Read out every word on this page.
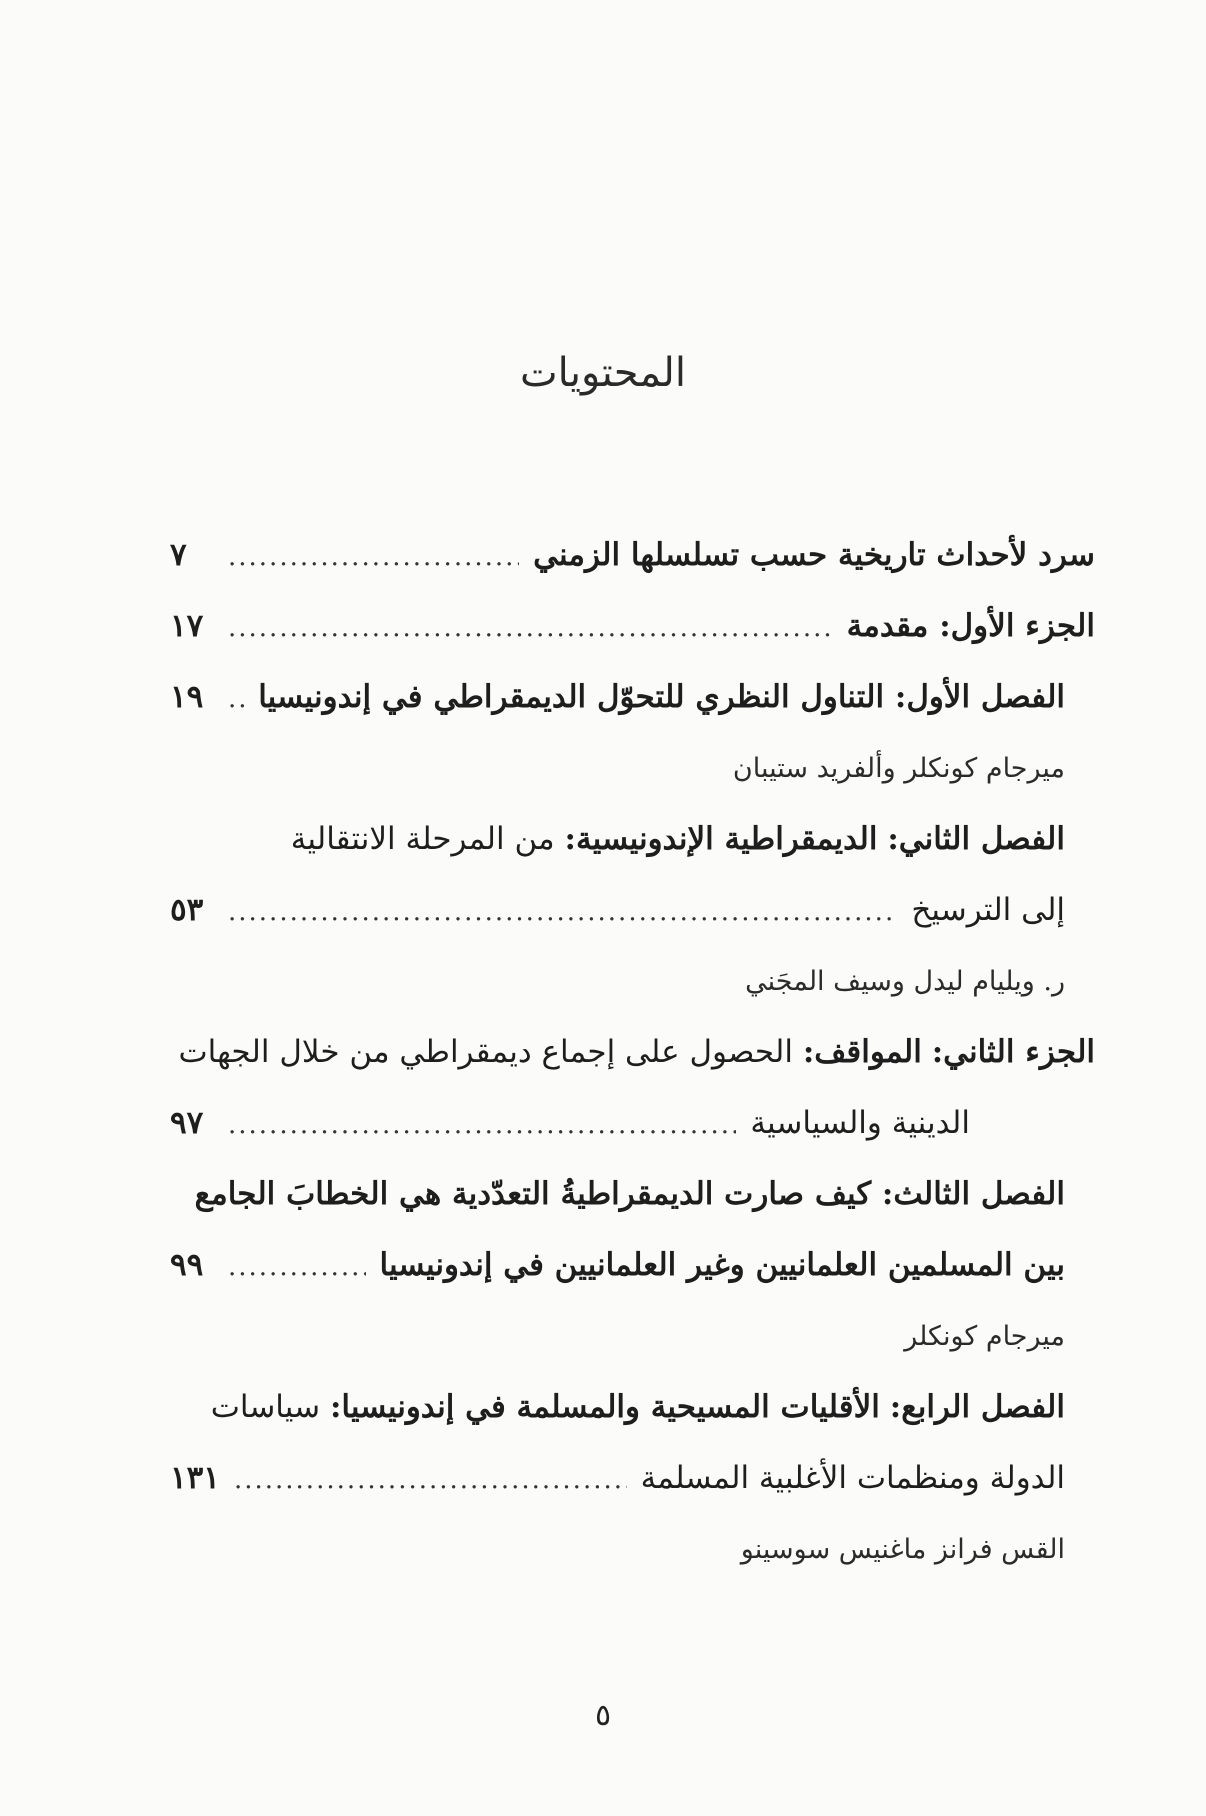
المحتويات
سرد لأحداث تاريخية حسب تسلسلها الزمني
.....
٧
الجزء الأول: مقدمة
.....
١٧
الفصل الأول: التناول النظري للتحوّل الديمقراطي في إندونيسيا
.....
١٩
ميرجام كونكلر وألفريد ستيبان
الفصل الثاني: الديمقراطية الإندونيسية: من المرحلة الانتقالية
إلى الترسيخ
.....
٥٣
ر. ويليام ليدل وسيف المجَني
الجزء الثاني: المواقف: الحصول على إجماع ديمقراطي من خلال الجهات
الدينية والسياسية
.....
٩٧
الفصل الثالث: كيف صارت الديمقراطيةُ التعدّدية هي الخطابَ الجامع
بين المسلمين العلمانيين وغير العلمانيين في إندونيسيا
.....
٩٩
ميرجام كونكلر
الفصل الرابع: الأقليات المسيحية والمسلمة في إندونيسيا: سياسات
الدولة ومنظمات الأغلبية المسلمة
.....
١٣١
القس فرانز ماغنيس سوسينو
٥
